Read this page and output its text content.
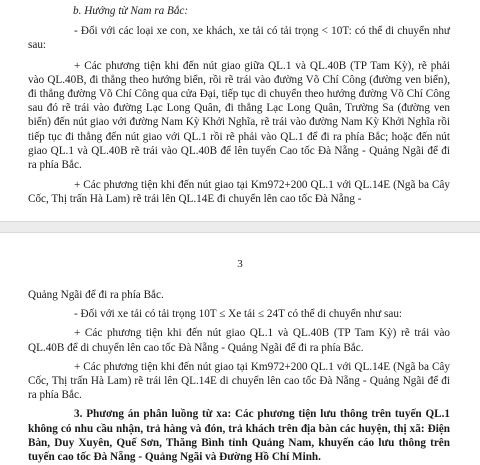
b. Hướng từ Nam ra Bắc:

- Đối với các loại xe con, xe khách, xe tải có tải trọng < 10T: có thể di chuyển như sau:

+ Các phương tiện khi đến nút giao giữa QL.1 và QL.40B (TP Tam Kỳ), rẽ phải vào QL.40B, đi thẳng theo hướng biển, rồi rẽ trái vào đường Võ Chí Công (đường ven biển), đi thẳng đường Võ Chí Công qua cửa Đại, tiếp tục di chuyển theo hướng đường Võ Chí Công sau đó rẽ trái vào đường Lạc Long Quân, đi thẳng Lạc Long Quân, Trường Sa (đường ven biển) đến nút giao với đường Nam Kỳ Khởi Nghĩa, rẽ trái vào đường Nam Kỳ Khởi Nghĩa rồi tiếp tục đi thẳng đến nút giao với QL.1 rồi rẽ phải vào QL.1 để đi ra phía Bắc; hoặc đến nút giao QL.1 và QL.40B rẽ trái vào QL.40B để lên tuyến Cao tốc Đà Nẵng - Quảng Ngãi để đi ra phía Bắc.

+ Các phương tiện khi đến nút giao tại Km972+200 QL.1 với QL.14E (Ngã ba Cây Cốc, Thị trấn Hà Lam) rẽ trái lên QL.14E đi chuyển lên cao tốc Đà Nẵng -

3

Quảng Ngãi để đi ra phía Bắc.

- Đối với xe tải có tải trọng 10T ≤ Xe tải ≤ 24T có thể di chuyển như sau:

+ Các phương tiện khi đến nút giao QL.1 và QL.40B (TP Tam Kỳ) rẽ trái vào QL.40B để di chuyển lên cao tốc Đà Nẵng - Quảng Ngãi để đi ra phía Bắc.

+ Các phương tiện khi đến nút giao tại Km972+200 QL.1 với QL.14E (Ngã ba Cây Cốc, Thị trấn Hà Lam) rẽ trái lên QL.14E di chuyển lên cao tốc Đà Nẵng - Quảng Ngãi để đi ra phía Bắc.

3. Phương án phân luồng từ xa: Các phương tiện lưu thông trên tuyến QL.1 không có nhu cầu nhận, trả hàng và đón, trả khách trên địa bàn các huyện, thị xã: Điện Bàn, Duy Xuyên, Quế Sơn, Thăng Bình tỉnh Quảng Nam, khuyến cáo lưu thông trên tuyến cao tốc Đà Nẵng - Quảng Ngãi và Đường Hồ Chí Minh.
